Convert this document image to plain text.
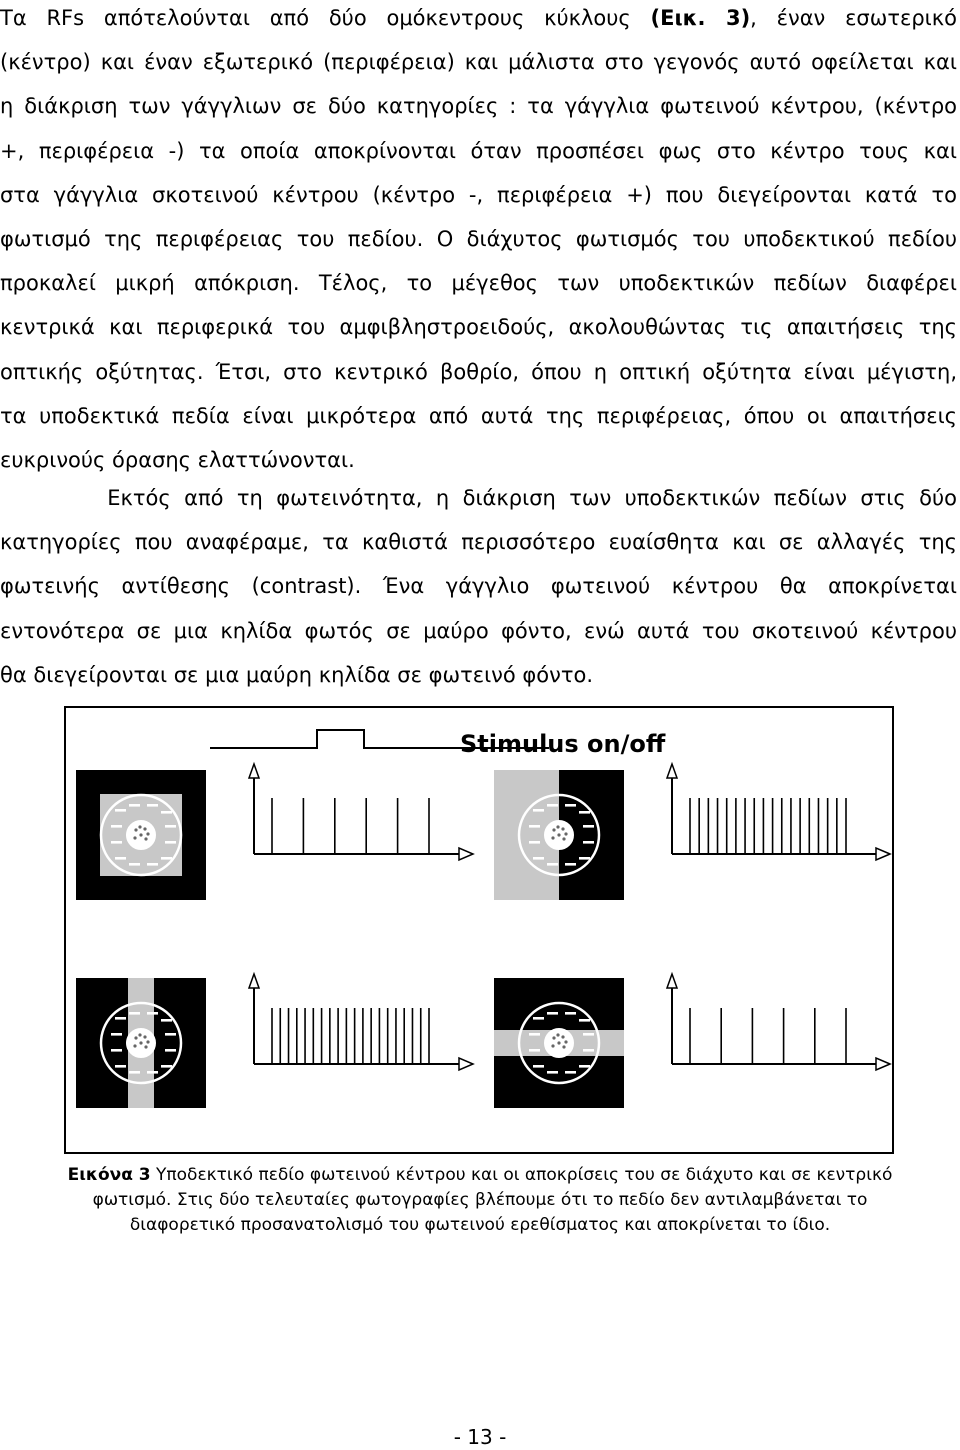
Τα RFs απότελούνται από δύο ομόκεντρους κύκλους (Εικ. 3), έναν εσωτερικό
(κέντρο) και έναν εξωτερικό (περιφέρεια) και μάλιστα στο γεγονός αυτό οφείλεται και
η διάκριση των γάγγλιων σε δύο κατηγορίες : τα γάγγλια φωτεινού κέντρου, (κέντρο
+, περιφέρεια -) τα οποία αποκρίνονται όταν προσπέσει φως στο κέντρο τους και
στα γάγγλια σκοτεινού κέντρου (κέντρο -, περιφέρεια +) που διεγείρονται κατά το
φωτισμό της περιφέρειας του πεδίου. Ο διάχυτος φωτισμός του υποδεκτικού πεδίου
προκαλεί μικρή απόκριση. Τέλος, το μέγεθος των υποδεκτικών πεδίων διαφέρει
κεντρικά και περιφερικά του αμφιβληστροειδούς, ακολουθώντας τις απαιτήσεις της
οπτικής οξύτητας. Έτσι, στο κεντρικό βοθρίο, όπου η οπτική οξύτητα είναι μέγιστη,
τα υποδεκτικά πεδία είναι μικρότερα από αυτά της περιφέρειας, όπου οι απαιτήσεις
ευκρινούς όρασης ελαττώνονται.
Εκτός από τη φωτεινότητα, η διάκριση των υποδεκτικών πεδίων στις δύο
κατηγορίες που αναφέραμε, τα καθιστά περισσότερο ευαίσθητα και σε αλλαγές της
φωτεινής αντίθεσης (contrast). Ένα γάγγλιο φωτεινού κέντρου θα αποκρίνεται
εντονότερα σε μια κηλίδα φωτός σε μαύρο φόντο, ενώ αυτά του σκοτεινού κέντρου
θα διεγείρονται σε μια μαύρη κηλίδα σε φωτεινό φόντο.
Stimulus on/off
Εικόνα 3 Υποδεκτικό πεδίο φωτεινού κέντρου και οι αποκρίσεις του σε διάχυτο και σε κεντρικό
φωτισμό. Στις δύο τελευταίες φωτογραφίες βλέπουμε ότι το πεδίο δεν αντιλαμβάνεται το
διαφορετικό προσανατολισμό του φωτεινού ερεθίσματος και αποκρίνεται το ίδιο.
- 13 -
